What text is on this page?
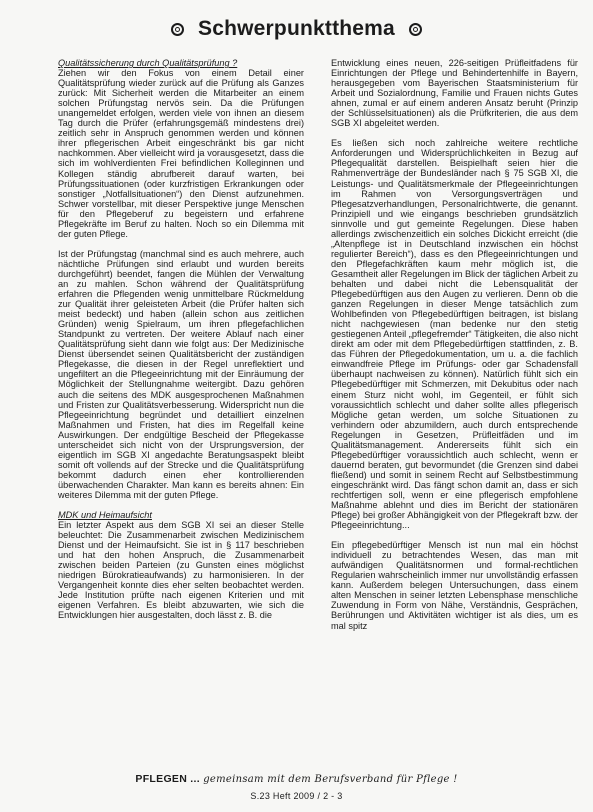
Schwerpunktthema
Qualitätssicherung durch Qualitätsprüfung ?

Ziehen wir den Fokus von einem Detail einer Qualitätsprüfung wieder zurück auf die Prüfung als Ganzes zurück: Mit Sicherheit werden die Mitarbeiter an einem solchen Prüfungstag nervös sein. Da die Prüfungen unangemeldet erfolgen, werden viele von ihnen an diesem Tag durch die Prüfer (erfahrungsgemäß mindestens drei) zeitlich sehr in Anspruch genommen werden und können ihrer pflegerischen Arbeit eingeschränkt bis gar nicht nachkommen. Aber vielleicht wird ja vorausgesetzt, dass die sich im wohlverdienten Frei befindlichen Kolleginnen und Kollegen ständig abrufbereit darauf warten, bei Prüfungssituationen (oder kurzfristigen Erkrankungen oder sonstiger „Notfallsituationen“) den Dienst aufzunehmen. Schwer vorstellbar, mit dieser Perspektive junge Menschen für den Pflegeberuf zu begeistern und erfahrene Pflegekräfte im Beruf zu halten. Noch so ein Dilemma mit der guten Pflege.

Ist der Prüfungstag (manchmal sind es auch mehrere, auch nächtliche Prüfungen sind erlaubt und wurden bereits durchgeführt) beendet, fangen die Mühlen der Verwaltung an zu mahlen. Schon während der Qualitätsprüfung erfahren die Pflegenden wenig unmittelbare Rückmeldung zur Qualität ihrer geleisteten Arbeit (die Prüfer halten sich meist bedeckt) und haben (allein schon aus zeitlichen Gründen) wenig Spielraum, um ihren pflegefachlichen Standpunkt zu vertreten. Der weitere Ablauf nach einer Qualitätsprüfung sieht dann wie folgt aus: Der Medizinische Dienst übersendet seinen Qualitätsbericht der zuständigen Pflegekasse, die diesen in der Regel unreflektiert und ungefiltert an die Pflegeeinrichtung mit der Einräumung der Möglichkeit der Stellungnahme weitergibt. Dazu gehören auch die seitens des MDK ausgesprochenen Maßnahmen und Fristen zur Qualitätsverbesserung. Widerspricht nun die Pflegeeinrichtung begründet und detailliert einzelnen Maßnahmen und Fristen, hat dies im Regelfall keine Auswirkungen. Der endgültige Bescheid der Pflegekasse unterscheidet sich nicht von der Ursprungsversion, der eigentlich im SGB XI angedachte Beratungsaspekt bleibt somit oft vollends auf der Strecke und die Qualitätsprüfung bekommt dadurch einen eher kontrollierenden überwachenden Charakter. Man kann es bereits ahnen: Ein weiteres Dilemma mit der guten Pflege.

MDK und Heimaufsicht

Ein letzter Aspekt aus dem SGB XI sei an dieser Stelle beleuchtet: Die Zusammenarbeit zwischen Medizinischem Dienst und der Heimaufsicht. Sie ist in § 117 beschrieben und hat den hohen Anspruch, die Zusammenarbeit zwischen beiden Parteien (zu Gunsten eines möglichst niedrigen Bürokratieaufwands) zu harmonisieren. In der Vergangenheit konnte dies eher selten beobachtet werden. Jede Institution prüfte nach eigenen Kriterien und mit eigenen Verfahren. Es bleibt abzuwarten, wie sich die Entwicklungen hier ausgestalten, doch lässt z. B. die

Entwicklung eines neuen, 226-seitigen Prüfleitfadens für Einrichtungen der Pflege und Behindertenhilfe in Bayern, herausgegeben vom Bayerischen Staatsministerium für Arbeit und Sozialordnung, Familie und Frauen nichts Gutes ahnen, zumal er auf einem anderen Ansatz beruht (Prinzip der Schlüsselsituationen) als die Prüfkriterien, die aus dem SGB XI abgeleitet werden.

Es ließen sich noch zahlreiche weitere rechtliche Anforderungen und Widersprüchlichkeiten in Bezug auf Pflegequalität darstellen. Beispielhaft seien hier die Rahmenverträge der Bundesländer nach § 75 SGB XI, die Leistungs- und Qualitätsmerkmale der Pflegeeinrichtungen im Rahmen von Versorgungsverträgen und Pflegesatzverhandlungen, Personalrichtwerte, die genannt. Prinzipiell und wie eingangs beschrieben grundsätzlich sinnvolle und gut gemeinte Regelungen. Diese haben allerdings zwischenzeitlich ein solches Dickicht erreicht (die „Altenpflege ist in Deutschland inzwischen ein höchst regulierter Bereich“), dass es den Pflegeeinrichtungen und den Pflegefachkräften kaum mehr möglich ist, die Gesamtheit aller Regelungen im Blick der täglichen Arbeit zu behalten und dabei nicht die Lebensqualität der Pflegebedürftigen aus den Augen zu verlieren. Denn ob die ganzen Regelungen in dieser Menge tatsächlich zum Wohlbefinden von Pflegebedürftigen beitragen, ist bislang nicht nachgewiesen (man bedenke nur den stetig gestiegenen Anteil „pflegefremder“ Tätigkeiten, die also nicht direkt am oder mit dem Pflegebedürftigen stattfinden, z. B. das Führen der Pflegedokumentation, um u. a. die fachlich einwandfreie Pflege im Prüfungs- oder gar Schadensfall überhaupt nachweisen zu können). Natürlich fühlt sich ein Pflegebedürftiger mit Schmerzen, mit Dekubitus oder nach einem Sturz nicht wohl, im Gegenteil, er fühlt sich voraussichtlich schlecht und daher sollte alles pflegerisch Mögliche getan werden, um solche Situationen zu verhindern oder abzumildern, auch durch entsprechende Regelungen in Gesetzen, Prüfleitfäden und im Qualitätsmanagement. Andererseits fühlt sich ein Pflegebedürftiger voraussichtlich auch schlecht, wenn er dauernd beraten, gut bevormundet (die Grenzen sind dabei fließend) und somit in seinem Recht auf Selbstbestimmung eingeschränkt wird. Das fängt schon damit an, dass er sich rechtfertigen soll, wenn er eine pflegerisch empfohlene Maßnahme ablehnt und dies im Bericht der stationären Pflege) bei großer Abhängigkeit von der Pflegekraft bzw. der Pflegeeinrichtung...

Ein pflegebedürftiger Mensch ist nun mal ein höchst individuell zu betrachtendes Wesen, das man mit aufwändigen Qualitätsnormen und formal-rechtlichen Regularien wahrscheinlich immer nur unvollständig erfassen kann. Außerdem belegen Untersuchungen, dass einem alten Menschen in seiner letzten Lebensphase menschliche Zuwendung in Form von Nähe, Verständnis, Gesprächen, Berührungen und Aktivitäten wichtiger ist als dies, um es mal spitz

PFLEGEN ... gemeinsam mit dem Berufsverband für Pflege !
S.23 Heft 2009 / 2 - 3
